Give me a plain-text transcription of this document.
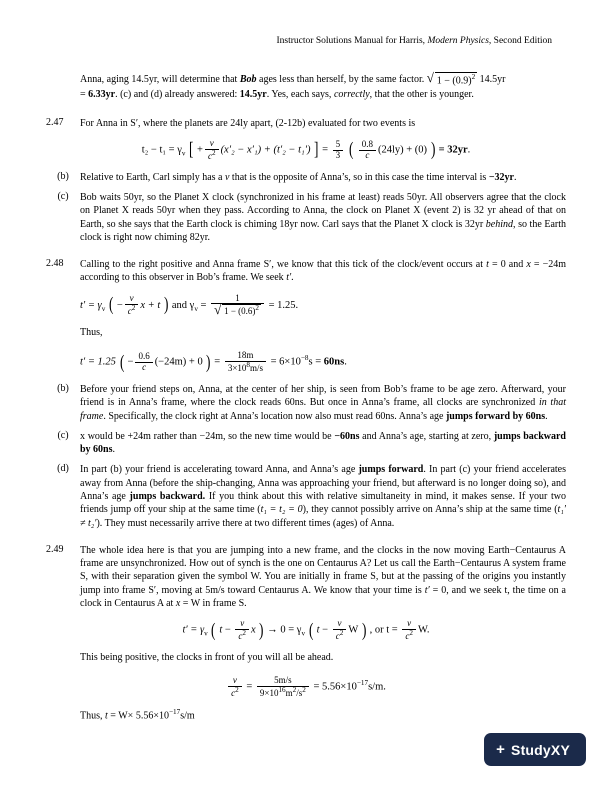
Instructor Solutions Manual for Harris, Modern Physics, Second Edition
Anna, aging 14.5yr, will determine that Bob ages less than herself, by the same factor. √ $1 - (0.9)^2$ 14.5yr
= 6.33yr. (c) and (d) already answered: 14.5yr. Yes, each says, correctly, that the other is younger.
2.47	For Anna in S′, where the planets are 24ly apart, (2-12b) evaluated for two events is
$t_2 - t_1 = \gamma_v$ [ + $\frac{v}{c^2} (x'_2 - x'_1) + (t'_2 - t_1')$ ] = $\frac{5}{3}$ ( $\frac{0.8}{c} (24ly) + (0)$ ) = 32yr.
(b)	Relative to Earth, Carl simply has a v that is the opposite of Anna’s, so in this case the time interval is −32yr.
(c)	Bob waits 50yr, so the Planet X clock (synchronized in his frame at least) reads 50yr. All observers agree that the clock on Planet X reads 50yr when they pass. According to Anna, the clock on Planet X (event 2) is 32 yr ahead of that on Earth, so she says that the Earth clock is chiming 18yr now. Carl says that the Planet X clock is 32yr behind, so the Earth clock is right now chiming 82yr.
2.48	Calling to the right positive and Anna frame S′, we know that this tick of the clock/event occurs at t = 0 and x = −24m according to this observer in Bob’s frame. We seek t′.
$t' = \gamma_v$ ( − $\frac{v}{c^2}$ x + t ) and $\gamma_v = \frac{1}{√ 1 - (0.6)^2} = 1.25$.
Thus,
t′ = 1.25 ( − $\frac{0.6}{c} (-24m) + 0$ ) = $\frac{18m}{3\times 10^8m/s} = 6\times 10^{-8}s = 60ns$.
(b)	Before your friend steps on, Anna, at the center of her ship, is seen from Bob’s frame to be age zero. Afterward, your friend is in Anna’s frame, where the clock reads 60ns. But once in Anna’s frame, all clocks are synchronized in that frame. Specifically, the clock right at Anna’s location now also must read 60ns. Anna’s age jumps forward by 60ns.
(c)	x would be +24m rather than −24m, so the new time would be −60ns and Anna’s age, starting at zero, jumps backward by 60ns.
(d)	In part (b) your friend is accelerating toward Anna, and Anna’s age jumps forward. In part (c) your friend accelerates away from Anna (before the ship-changing, Anna was approaching your friend, but afterward is no longer doing so), and Anna’s age jumps backward. If you think about this with relative simultaneity in mind, it makes sense. If your two friends jump off your ship at the same time (t₁ = t₂ = 0), they cannot possibly arrive on Anna’s ship at the same time (t₁′ ≠ t₂′). They must necessarily arrive there at two different times (ages) of Anna.
2.49	The whole idea here is that you are jumping into a new frame, and the clocks in the now moving Earth−Centaurus A frame are unsynchronized. How out of synch is the one on Centaurus A? Let us call the Earth−Centaurus A system frame S, with their separation given the symbol W. You are initially in frame S, but at the passing of the origins you instantly jump into frame S′, moving at 5m/s toward Centaurus A. We know that your time is t′ = 0, and we seek t, the time on a clock in Centaurus A at x = W in frame S.
$t' = \gamma_v$ ( $t - \frac{v}{c^2}$ x ) → $0 = \gamma_v$ ( $t - \frac{v}{c^2}$ W ) , or $t = \frac{v}{c^2} W$.
This being positive, the clocks in front of you will all be ahead.
$\frac{v}{c^2} = \frac{5m/s}{9\times 10^{16}m^2/s^2} = 5.56\times 10^{-17}s/m$.
Thus, $t = W\times 5.56\times 10^{-17}s/m$
+ StudyXY
